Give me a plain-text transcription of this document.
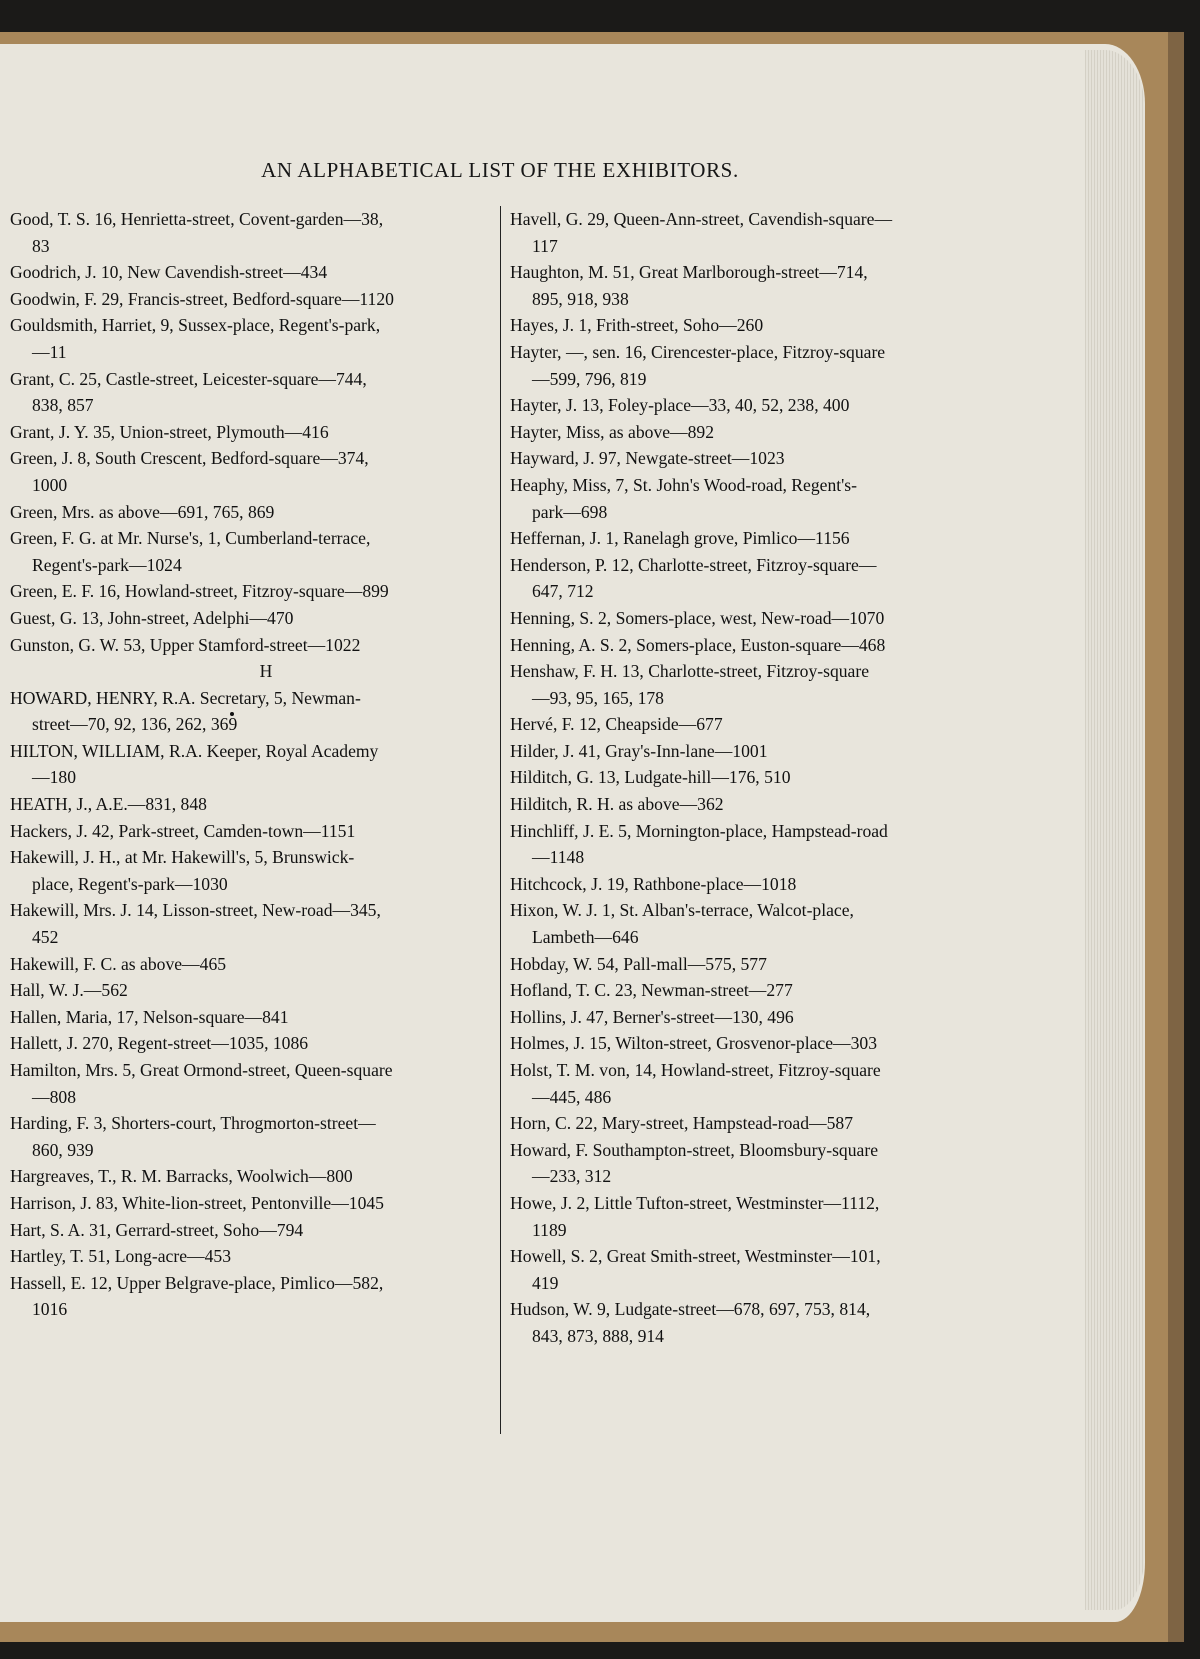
AN ALPHABETICAL LIST OF THE EXHIBITORS.
Good, T. S. 16, Henrietta-street, Covent-garden—38,
83
Goodrich, J. 10, New Cavendish-street—434
Goodwin, F. 29, Francis-street, Bedford-square—1120
Gouldsmith, Harriet, 9, Sussex-place, Regent's-park,
—11
Grant, C. 25, Castle-street, Leicester-square—744,
838, 857
Grant, J. Y. 35, Union-street, Plymouth—416
Green, J. 8, South Crescent, Bedford-square—374,
1000
Green, Mrs. as above—691, 765, 869
Green, F. G. at Mr. Nurse's, 1, Cumberland-terrace,
Regent's-park—1024
Green, E. F. 16, Howland-street, Fitzroy-square—899
Guest, G. 13, John-street, Adelphi—470
Gunston, G. W. 53, Upper Stamford-street—1022
H
HOWARD, HENRY, R.A. Secretary, 5, Newman-
street—70, 92, 136, 262, 369
HILTON, WILLIAM, R.A. Keeper, Royal Academy
—180
HEATH, J., A.E.—831, 848
Hackers, J. 42, Park-street, Camden-town—1151
Hakewill, J. H., at Mr. Hakewill's, 5, Brunswick-
place, Regent's-park—1030
Hakewill, Mrs. J. 14, Lisson-street, New-road—345,
452
Hakewill, F. C. as above—465
Hall, W. J.—562
Hallen, Maria, 17, Nelson-square—841
Hallett, J. 270, Regent-street—1035, 1086
Hamilton, Mrs. 5, Great Ormond-street, Queen-square
—808
Harding, F. 3, Shorters-court, Throgmorton-street—
860, 939
Hargreaves, T., R. M. Barracks, Woolwich—800
Harrison, J. 83, White-lion-street, Pentonville—1045
Hart, S. A. 31, Gerrard-street, Soho—794
Hartley, T. 51, Long-acre—453
Hassell, E. 12, Upper Belgrave-place, Pimlico—582,
1016
Havell, G. 29, Queen-Ann-street, Cavendish-square—
117
Haughton, M. 51, Great Marlborough-street—714,
895, 918, 938
Hayes, J. 1, Frith-street, Soho—260
Hayter, —, sen. 16, Cirencester-place, Fitzroy-square
—599, 796, 819
Hayter, J. 13, Foley-place—33, 40, 52, 238, 400
Hayter, Miss, as above—892
Hayward, J. 97, Newgate-street—1023
Heaphy, Miss, 7, St. John's Wood-road, Regent's-
park—698
Heffernan, J. 1, Ranelagh grove, Pimlico—1156
Henderson, P. 12, Charlotte-street, Fitzroy-square—
647, 712
Henning, S. 2, Somers-place, west, New-road—1070
Henning, A. S. 2, Somers-place, Euston-square—468
Henshaw, F. H. 13, Charlotte-street, Fitzroy-square
—93, 95, 165, 178
Hervé, F. 12, Cheapside—677
Hilder, J. 41, Gray's-Inn-lane—1001
Hilditch, G. 13, Ludgate-hill—176, 510
Hilditch, R. H. as above—362
Hinchliff, J. E. 5, Mornington-place, Hampstead-road
—1148
Hitchcock, J. 19, Rathbone-place—1018
Hixon, W. J. 1, St. Alban's-terrace, Walcot-place,
Lambeth—646
Hobday, W. 54, Pall-mall—575, 577
Hofland, T. C. 23, Newman-street—277
Hollins, J. 47, Berner's-street—130, 496
Holmes, J. 15, Wilton-street, Grosvenor-place—303
Holst, T. M. von, 14, Howland-street, Fitzroy-square
—445, 486
Horn, C. 22, Mary-street, Hampstead-road—587
Howard, F. Southampton-street, Bloomsbury-square
—233, 312
Howe, J. 2, Little Tufton-street, Westminster—1112,
1189
Howell, S. 2, Great Smith-street, Westminster—101,
419
Hudson, W. 9, Ludgate-street—678, 697, 753, 814,
843, 873, 888, 914
